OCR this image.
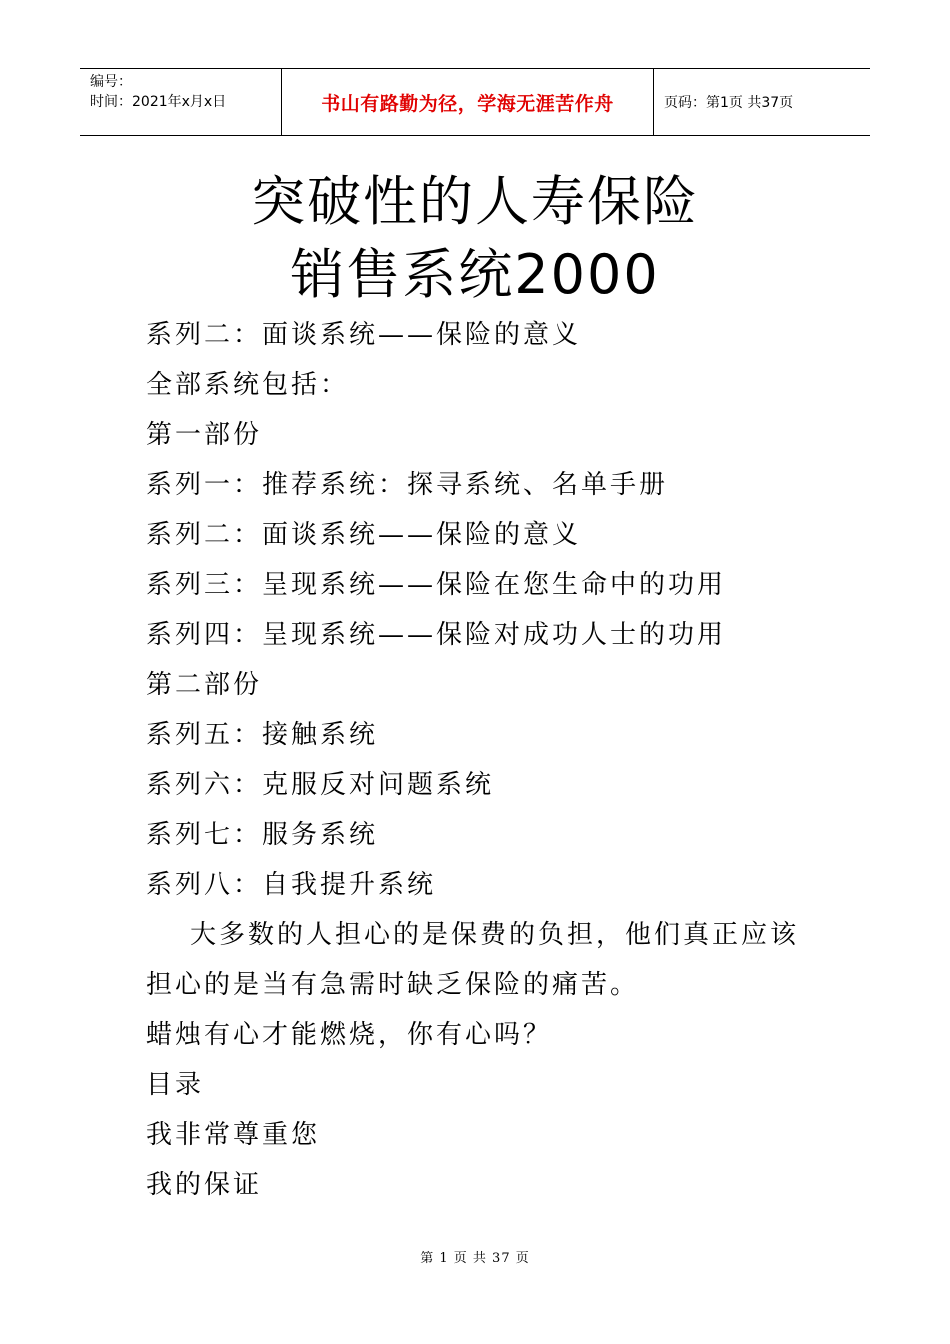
编号：
时间：2021年x月x日	书山有路勤为径，学海无涯苦作舟	页码：第1页 共37页
突破性的人寿保险
销售系统2000
系列二：面谈系统——保险的意义
全部系统包括：
第一部份
系列一：推荐系统：探寻系统、名单手册
系列二：面谈系统——保险的意义
系列三：呈现系统——保险在您生命中的功用
系列四：呈现系统——保险对成功人士的功用
第二部份
系列五：接触系统
系列六：克服反对问题系统
系列七：服务系统
系列八：自我提升系统
大多数的人担心的是保费的负担，他们真正应该
担心的是当有急需时缺乏保险的痛苦。
蜡烛有心才能燃烧，你有心吗？
目录
我非常尊重您
我的保证
第 1 页 共 37 页
